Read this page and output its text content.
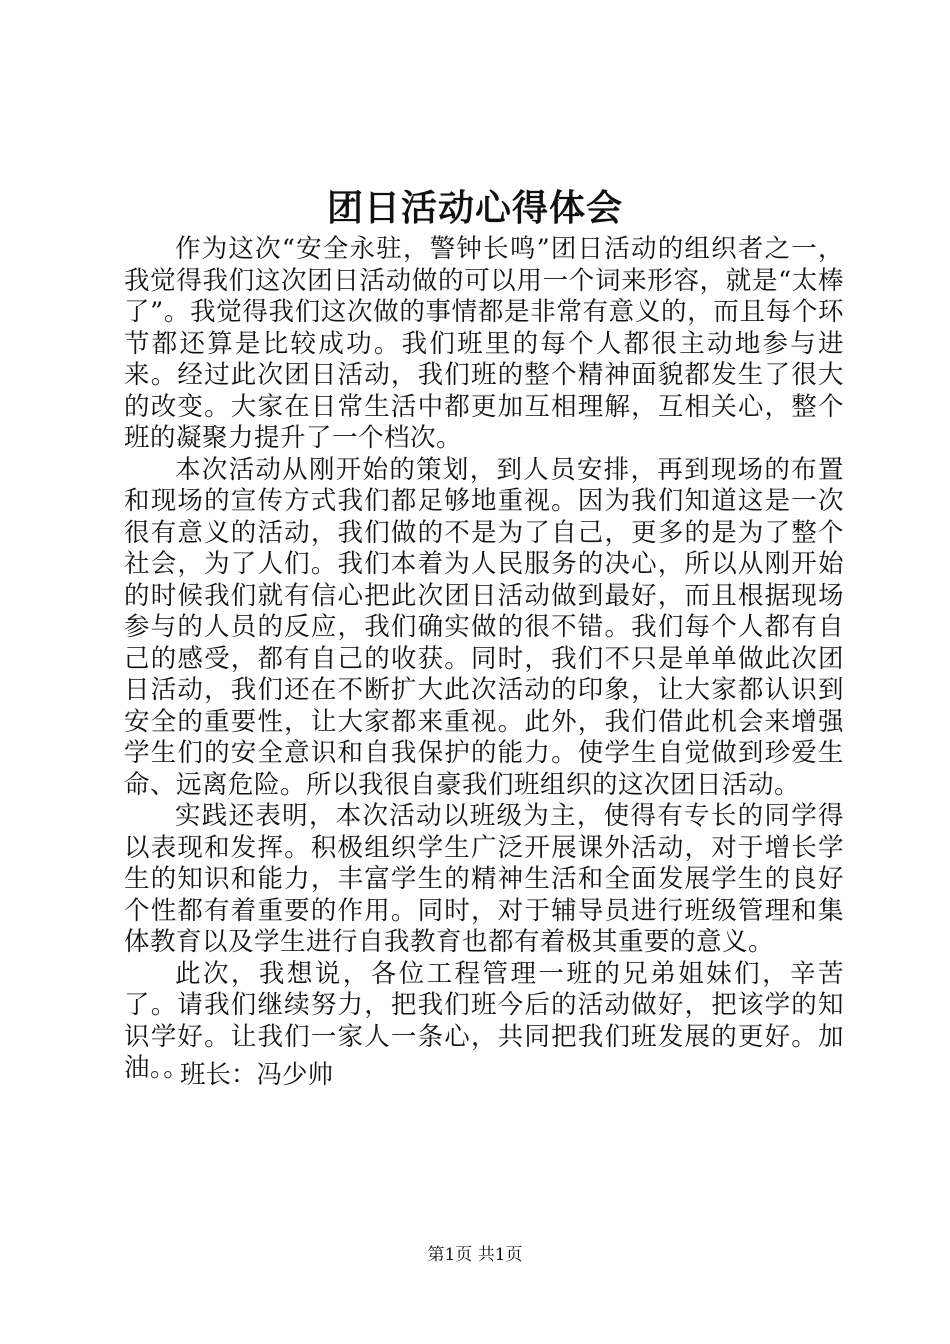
团日活动心得体会

作为这次“安全永驻，警钟长鸣”团日活动的组织者之一，我觉得我们这次团日活动做的可以用一个词来形容，就是“太棒了”。我觉得我们这次做的事情都是非常有意义的，而且每个环节都还算是比较成功。我们班里的每个人都很主动地参与进来。经过此次团日活动，我们班的整个精神面貌都发生了很大的改变。大家在日常生活中都更加互相理解，互相关心，整个班的凝聚力提升了一个档次。

本次活动从刚开始的策划，到人员安排，再到现场的布置和现场的宣传方式我们都足够地重视。因为我们知道这是一次很有意义的活动，我们做的不是为了自己，更多的是为了整个社会，为了人们。我们本着为人民服务的决心，所以从刚开始的时候我们就有信心把此次团日活动做到最好，而且根据现场参与的人员的反应，我们确实做的很不错。我们每个人都有自己的感受，都有自己的收获。同时，我们不只是单单做此次团日活动，我们还在不断扩大此次活动的印象，让大家都认识到安全的重要性，让大家都来重视。此外，我们借此机会来增强学生们的安全意识和自我保护的能力。使学生自觉做到珍爱生命、远离危险。所以我很自豪我们班组织的这次团日活动。

实践还表明，本次活动以班级为主，使得有专长的同学得以表现和发挥。积极组织学生广泛开展课外活动，对于增长学生的知识和能力，丰富学生的精神生活和全面发展学生的良好个性都有着重要的作用。同时，对于辅导员进行班级管理和集体教育以及学生进行自我教育也都有着极其重要的意义。

此次，我想说，各位工程管理一班的兄弟姐妹们，辛苦了。请我们继续努力，把我们班今后的活动做好，把该学的知识学好。让我们一家人一条心，共同把我们班发展的更好。加油。。

班长：冯少帅

第1页 共1页
